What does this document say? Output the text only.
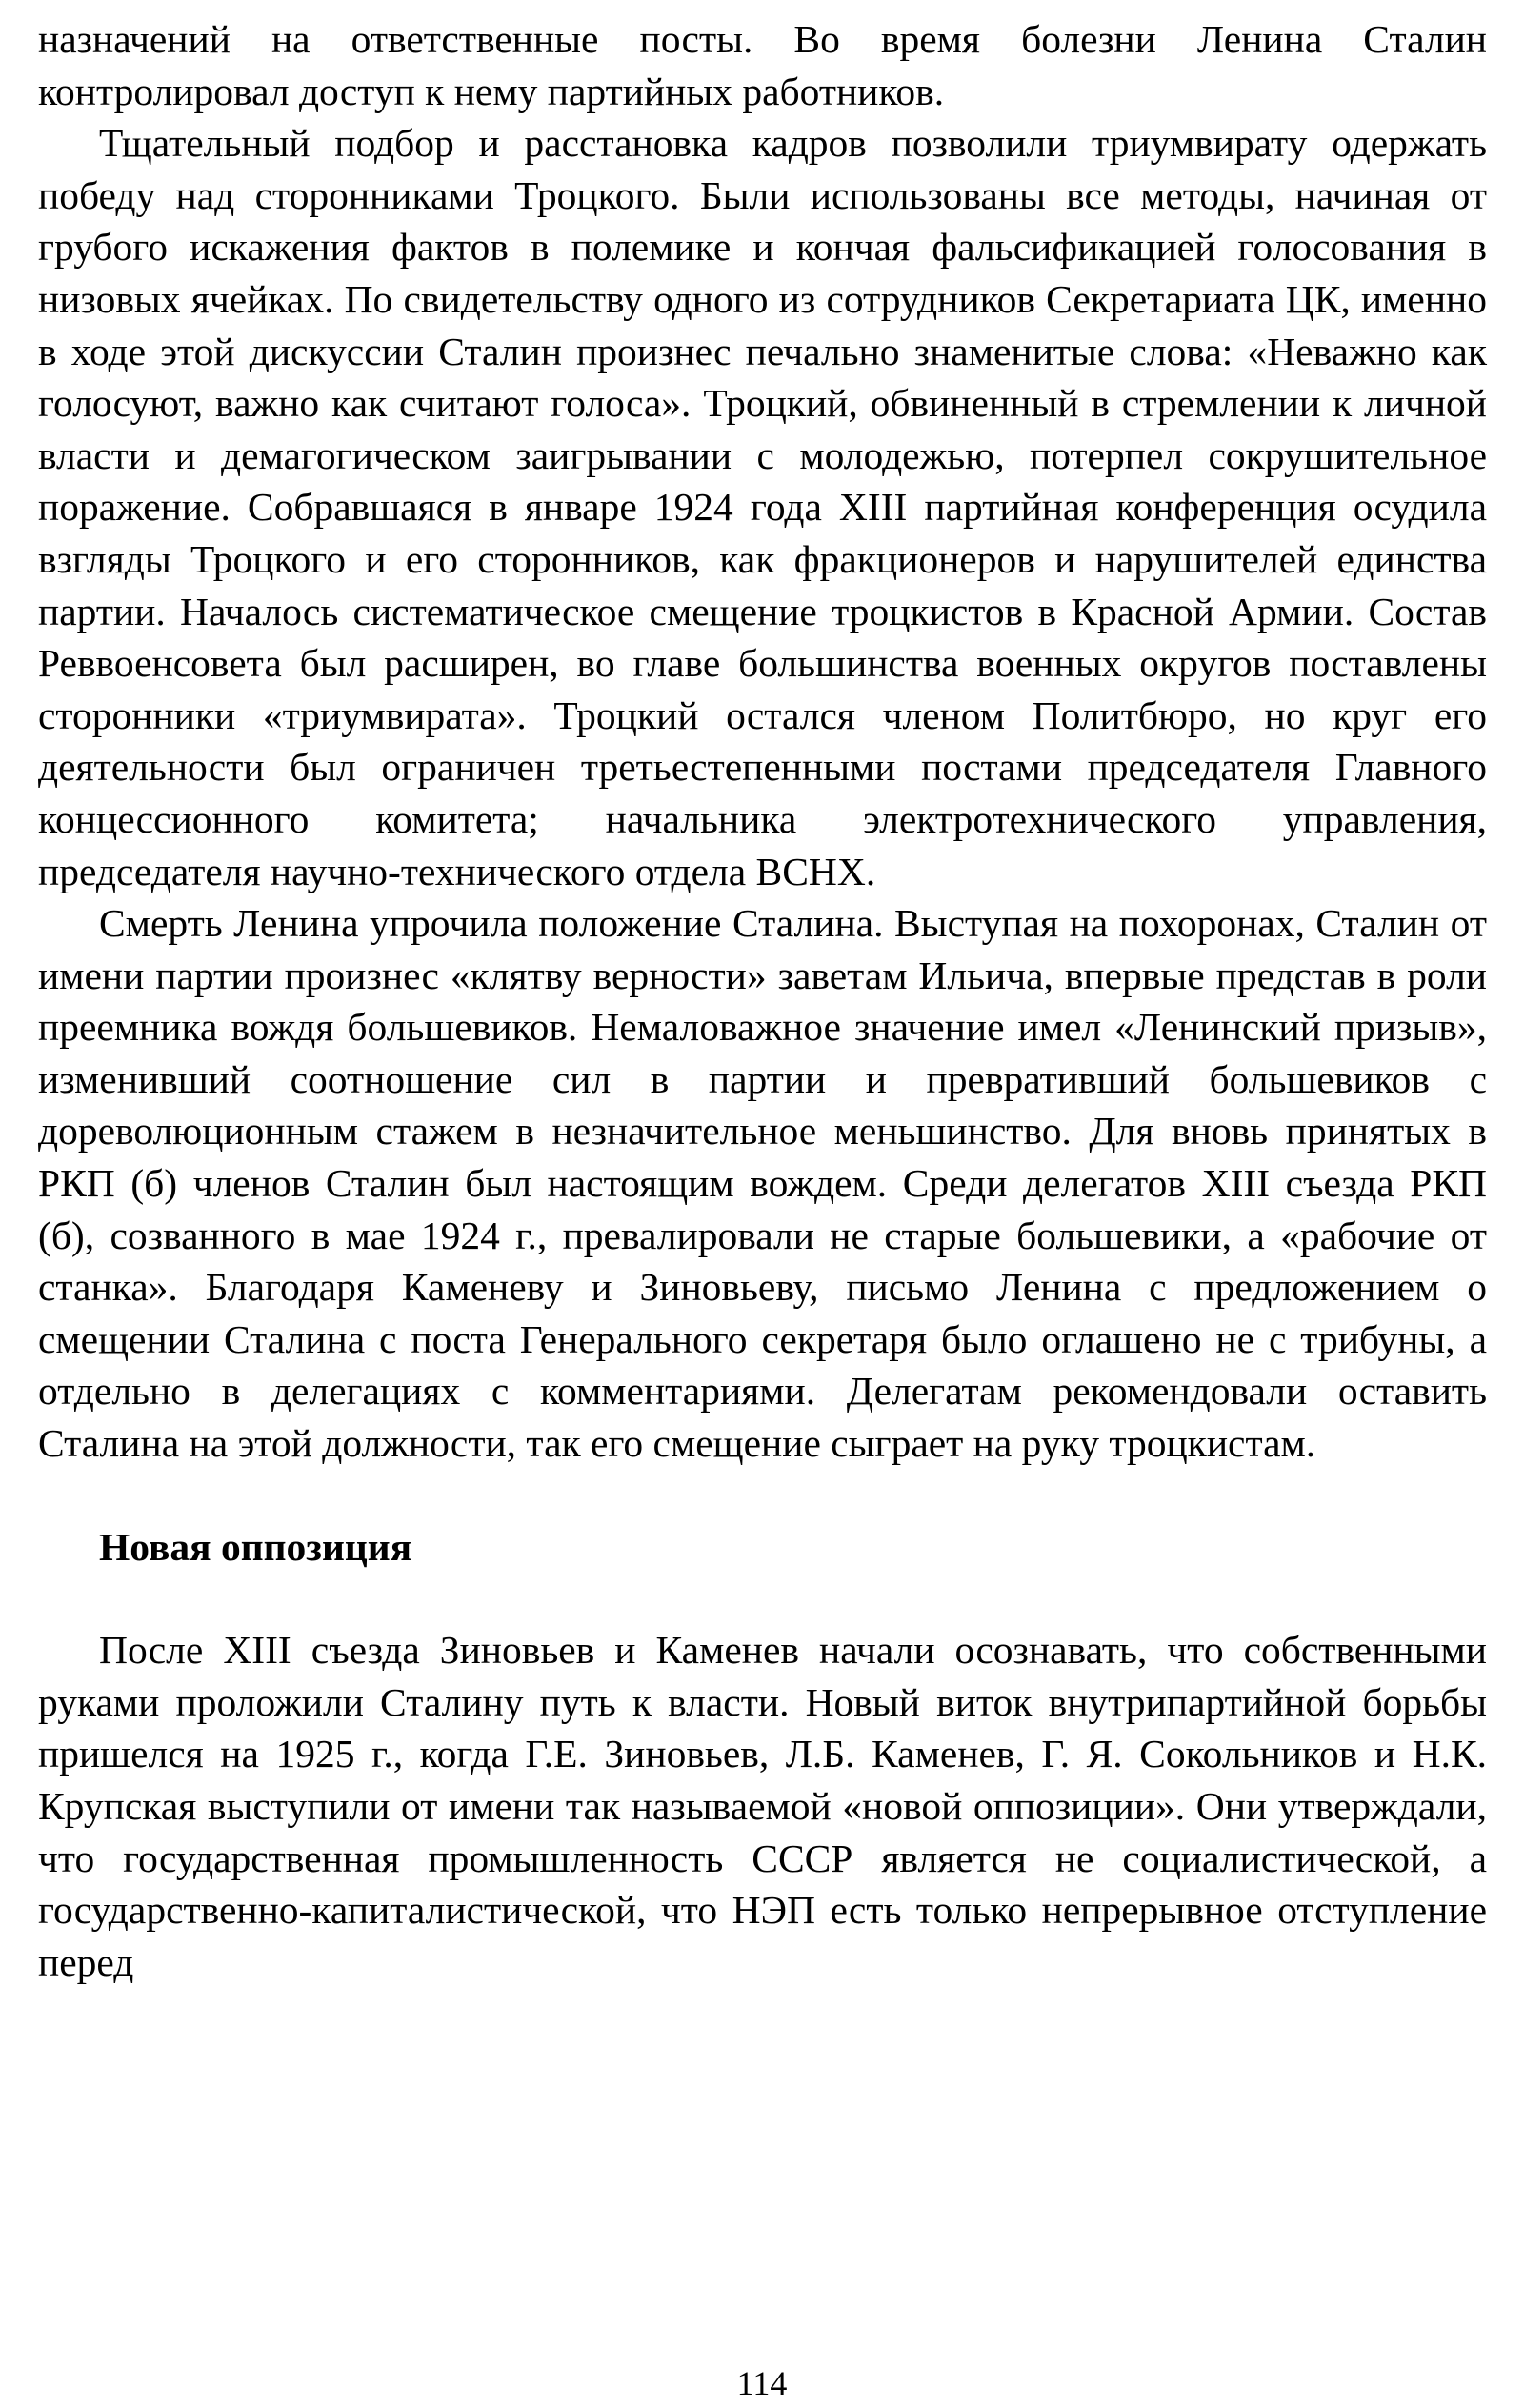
назначений на ответственные посты. Во время болезни Ленина Сталин контролировал доступ к нему партийных работников.

Тщательный подбор и расстановка кадров позволили триумвирату одержать победу над сторонниками Троцкого. Были использованы все методы, начиная от грубого искажения фактов в полемике и кончая фальсификацией голосования в низовых ячейках. По свидетельству одного из сотрудников Секретариата ЦК, именно в ходе этой дискуссии Сталин произнес печально знаменитые слова: «Неважно как голосуют, важно как считают голоса». Троцкий, обвиненный в стремлении к личной власти и демагогическом заигрывании с молодежью, потерпел сокрушительное поражение. Собравшаяся в январе 1924 года XIII партийная конференция осудила взгляды Троцкого и его сторонников, как фракционеров и нарушителей единства партии. Началось систематическое смещение троцкистов в Красной Армии. Состав Реввоенсовета был расширен, во главе большинства военных округов поставлены сторонники «триумвирата». Троцкий остался членом Политбюро, но круг его деятельности был ограничен третьестепенными постами председателя Главного концессионного комитета; начальника электротехнического управления, председателя научно-технического отдела ВСНХ.

Смерть Ленина упрочила положение Сталина. Выступая на похоронах, Сталин от имени партии произнес «клятву верности» заветам Ильича, впервые представ в роли преемника вождя большевиков. Немаловажное значение имел «Ленинский призыв», изменивший соотношение сил в партии и превративший большевиков с дореволюционным стажем в незначительное меньшинство. Для вновь принятых в РКП (б) членов Сталин был настоящим вождем. Среди делегатов XIII съезда РКП (б), созванного в мае 1924 г., превалировали не старые большевики, а «рабочие от станка». Благодаря Каменеву и Зиновьеву, письмо Ленина с предложением о смещении Сталина с поста Генерального секретаря было оглашено не с трибуны, а отдельно в делегациях с комментариями. Делегатам рекомендовали оставить Сталина на этой должности, так его смещение сыграет на руку троцкистам.

Новая оппозиция

После XIII съезда Зиновьев и Каменев начали осознавать, что собственными руками проложили Сталину путь к власти. Новый виток внутрипартийной борьбы пришелся на 1925 г., когда Г.Е. Зиновьев, Л.Б. Каменев, Г. Я. Сокольников и Н.К. Крупская выступили от имени так называемой «новой оппозиции». Они утверждали, что государственная промышленность СССР является не социалистической, а государственно-капиталистической, что НЭП есть только непрерывное отступление перед

114
